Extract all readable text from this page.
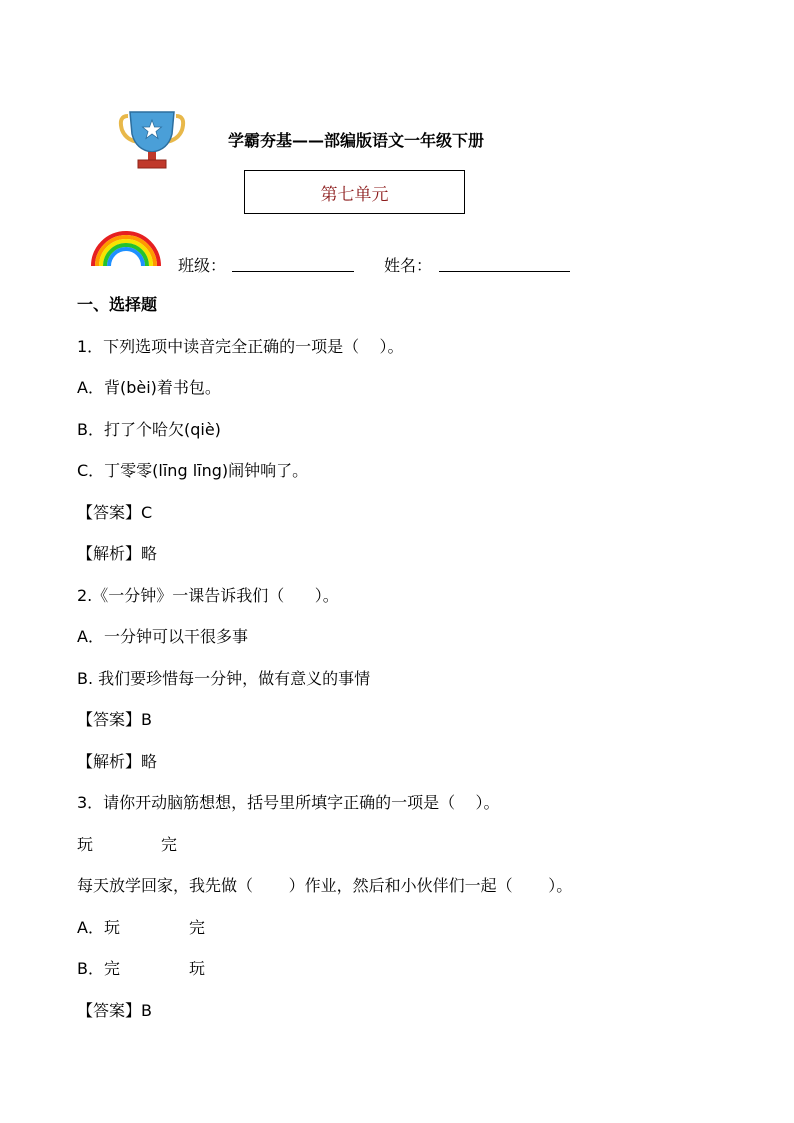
学霸夯基——部编版语文一年级下册
第七单元
班级：	姓名：
一、选择题
1．下列选项中读音完全正确的一项是（    ）。
A．背(bèi)着书包。
B．打了个哈欠(qiè)
C．丁零零(līng līng)闹钟响了。
【答案】C
【解析】略
2.《一分钟》一课告诉我们（      ）。
A．一分钟可以干很多事
B. 我们要珍惜每一分钟，做有意义的事情
【答案】B
【解析】略
3．请你开动脑筋想想，括号里所填字正确的一项是（    ）。
玩	完
每天放学回家，我先做（       ）作业，然后和小伙伴们一起（       ）。
A．玩	完
B．完	玩
【答案】B
